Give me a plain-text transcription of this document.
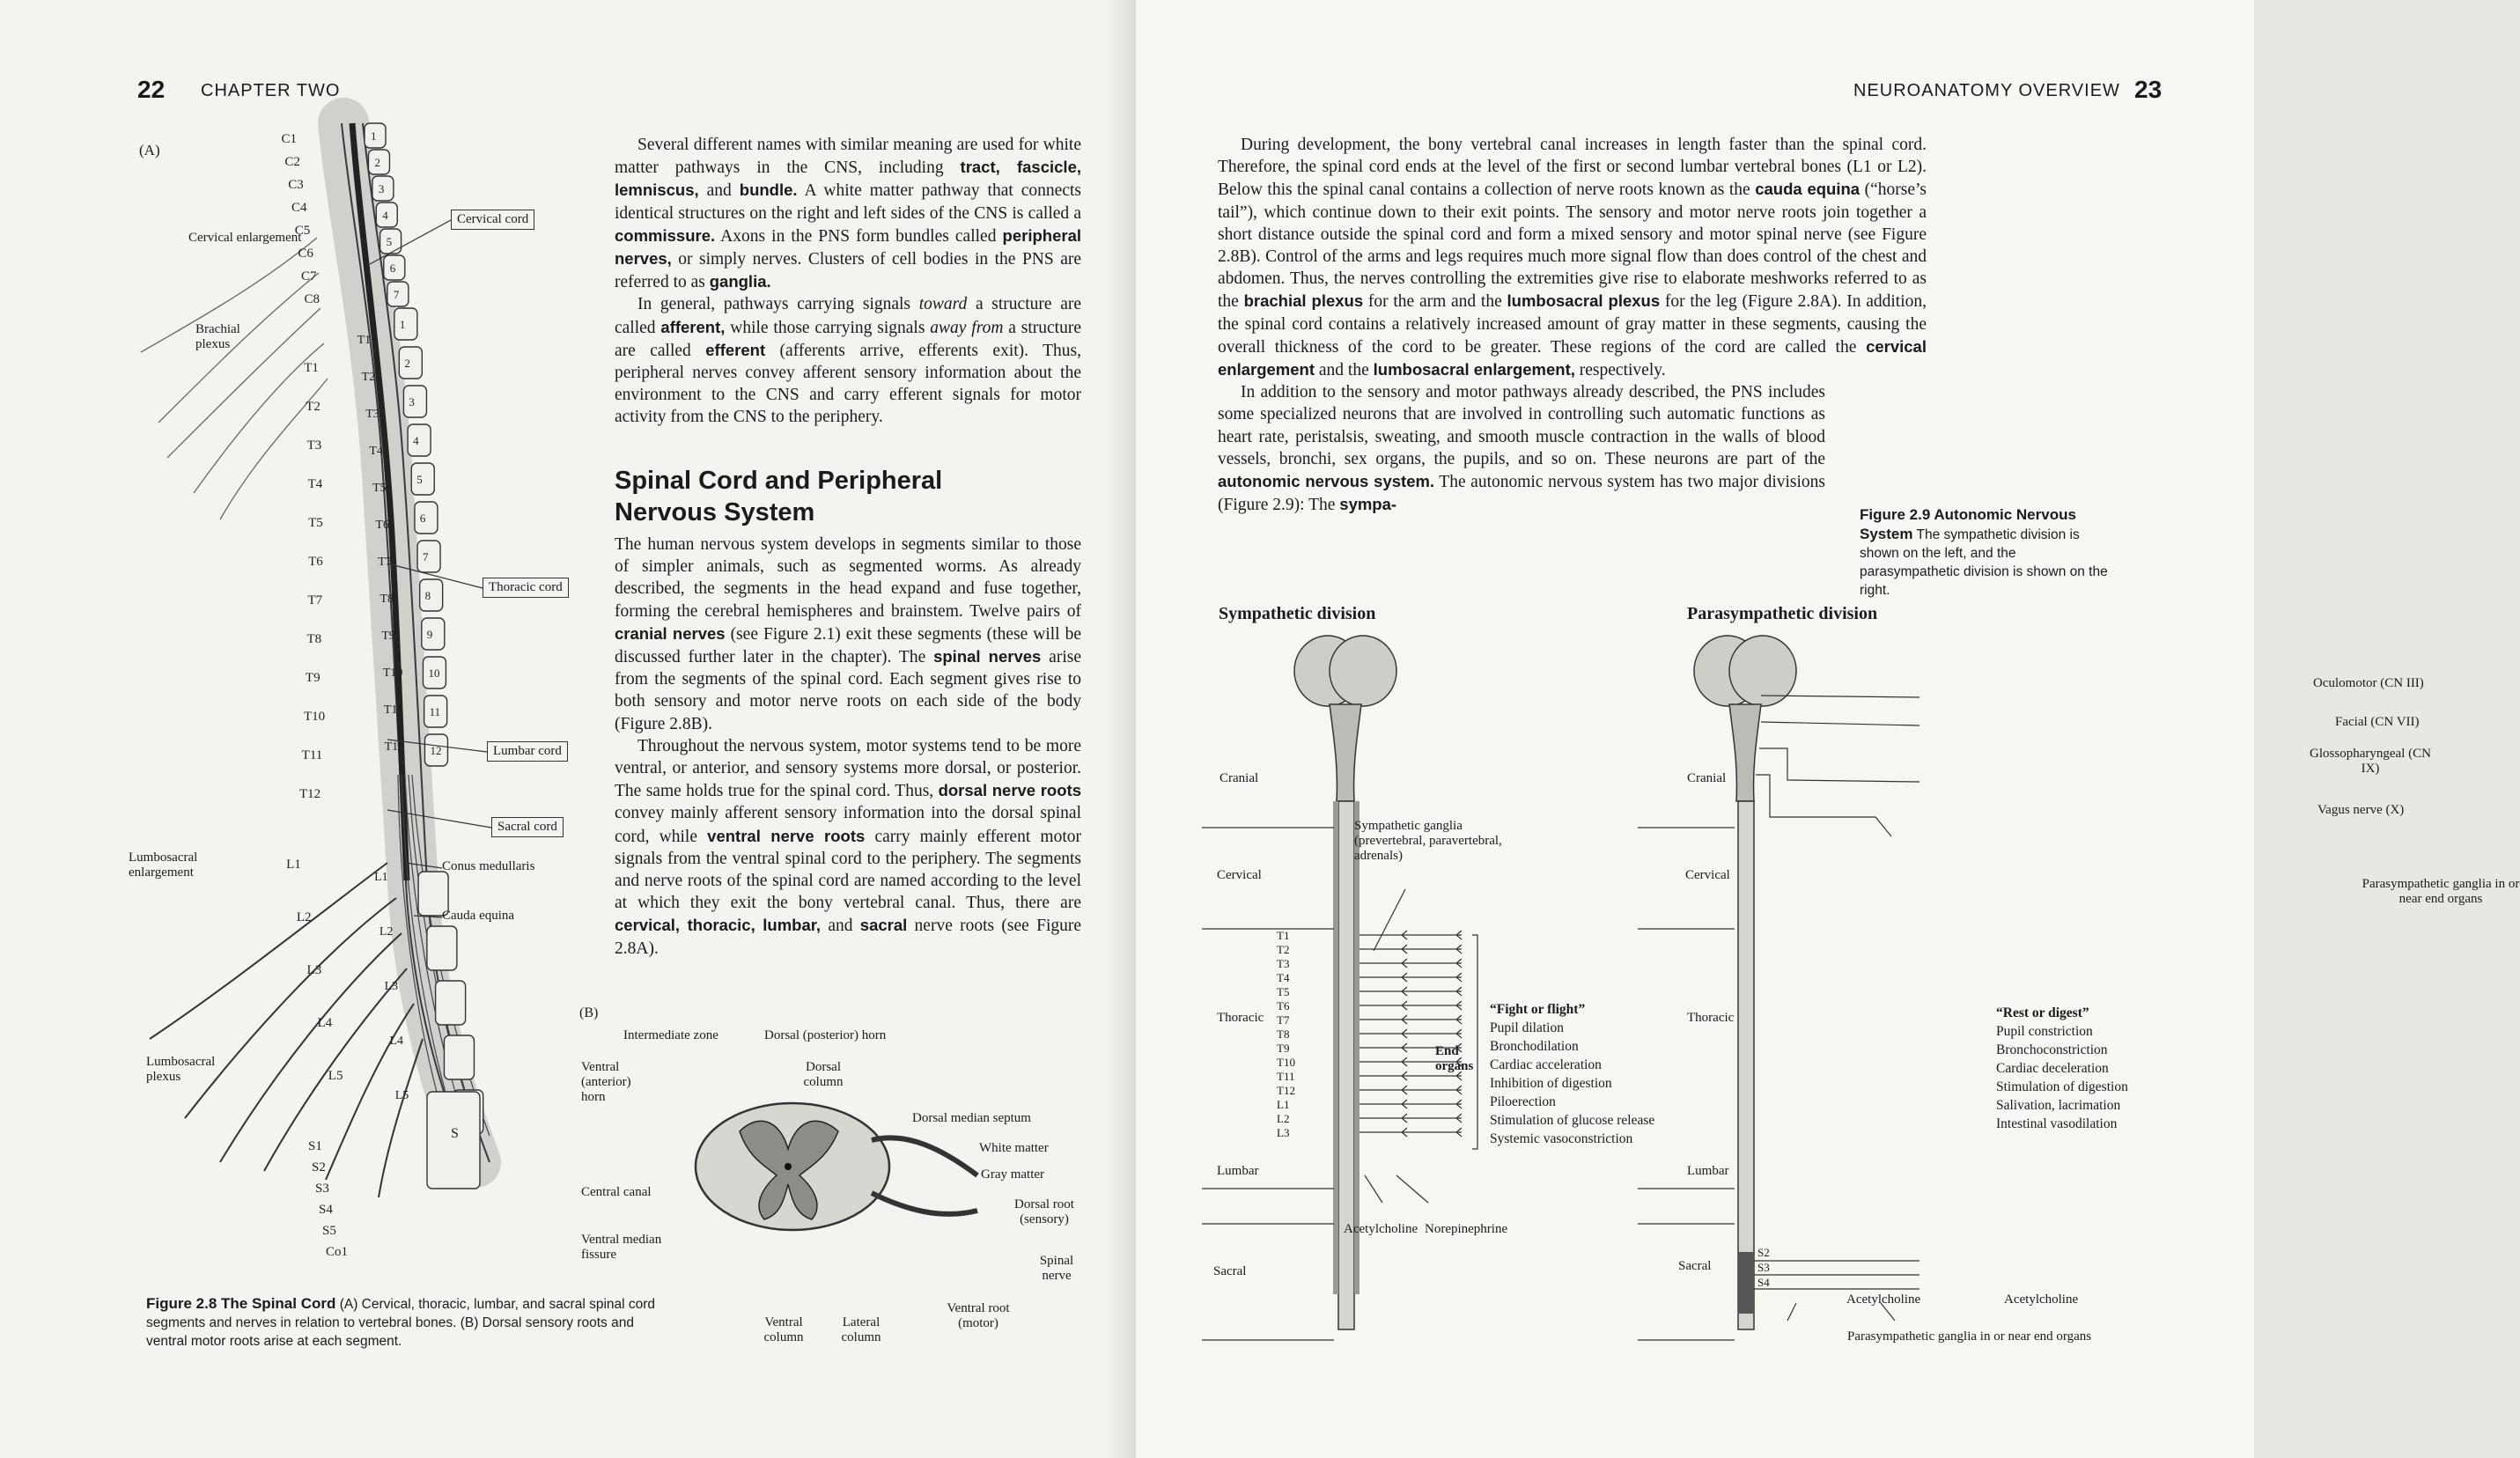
22 CHAPTER TWO
(A)
1
2
3
4
5
6
7
1
2
3
4
5
6
7
8
9
10
11
12
C1
C2
C3
C4
C5
C6
C7
C8
T1
T2
T3
T4
T5
T6
T7
T8
T9
T10
T11
T12
T1
T2
T3
T4
T5
T6
T7
T8
T9
T10
T11
T12
L1
L2
L3
L4
L5
L1
L2
L3
L4
L5
S1
S2
S3
S4
S5
Co1
S
Cervical enlargement
Brachial plexus
Lumbosacral enlargement
Lumbosacral plexus
Cervical cord
Thoracic cord
Lumbar cord
Sacral cord
Conus medullaris
Cauda equina
(B)
Intermediate zone	Dorsal (posterior) horn
Ventral (anterior) horn
Dorsal column
Dorsal median septum
White matter
Gray matter
Central canal
Dorsal root (sensory)
Ventral median fissure	Spinal nerve
Ventral root (motor)
Ventral column
Lateral column
Figure 2.8 The Spinal Cord (A) Cervical, thoracic, lumbar, and sacral spinal cord segments and nerves in relation to vertebral bones. (B) Dorsal sensory roots and ventral motor roots arise at each segment.

Several different names with similar meaning are used for white matter pathways in the CNS, including tract, fascicle, lemniscus, and bundle. A white matter pathway that connects identical structures on the right and left sides of the CNS is called a commissure. Axons in the PNS form bundles called peripheral nerves, or simply nerves. Clusters of cell bodies in the PNS are referred to as ganglia.

In general, pathways carrying signals toward a structure are called afferent, while those carrying signals away from a structure are called efferent (afferents arrive, efferents exit). Thus, peripheral nerves convey afferent sensory information about the environment to the CNS and carry efferent signals for motor activity from the CNS to the periphery.

Spinal Cord and Peripheral Nervous System

The human nervous system develops in segments similar to those of simpler animals, such as segmented worms. As already described, the segments in the head expand and fuse together, forming the cerebral hemispheres and brainstem. Twelve pairs of cranial nerves (see Figure 2.1) exit these segments (these will be discussed further later in the chapter). The spinal nerves arise from the segments of the spinal cord. Each segment gives rise to both sensory and motor nerve roots on each side of the body (Figure 2.8B).

Throughout the nervous system, motor systems tend to be more ventral, or anterior, and sensory systems more dorsal, or posterior. The same holds true for the spinal cord. Thus, dorsal nerve roots convey mainly afferent sensory information into the dorsal spinal cord, while ventral nerve roots carry mainly efferent motor signals from the ventral spinal cord to the periphery. The segments and nerve roots of the spinal cord are named according to the level at which they exit the bony vertebral canal. Thus, there are cervical, thoracic, lumbar, and sacral nerve roots (see Figure 2.8A).

NEUROANATOMY OVERVIEW 23

During development, the bony vertebral canal increases in length faster than the spinal cord. Therefore, the spinal cord ends at the level of the first or second lumbar vertebral bones (L1 or L2). Below this the spinal canal contains a collection of nerve roots known as the cauda equina (“horse’s tail”), which continue down to their exit points. The sensory and motor nerve roots join together a short distance outside the spinal cord and form a mixed sensory and motor spinal nerve (see Figure 2.8B). Control of the arms and legs requires much more signal flow than does control of the chest and abdomen. Thus, the nerves controlling the extremities give rise to elaborate meshworks referred to as the brachial plexus for the arm and the lumbosacral plexus for the leg (Figure 2.8A). In addition, the spinal cord contains a relatively increased amount of gray matter in these segments, causing the overall thickness of the cord to be greater. These regions of the cord are called the cervical enlargement and the lumbosacral enlargement, respectively.

In addition to the sensory and motor pathways already described, the PNS includes some specialized neurons that are involved in controlling such automatic functions as heart rate, peristalsis, sweating, and smooth muscle contraction in the walls of blood vessels, bronchi, sex organs, the pupils, and so on. These neurons are part of the autonomic nervous system. The autonomic nervous system has two major divisions (Figure 2.9): The sympa-

Figure 2.9 Autonomic Nervous System The sympathetic division is shown on the left, and the parasympathetic division is shown on the right.
Sympathetic division
Cranial
Cervical
Thoracic
Lumbar
Sacral
T1
T2
T3
T4
T5
T6
T7
T8
T9
T10
T11
T12
L1
L2
L3
Sympathetic ganglia (prevertebral, paravertebral, adrenals)
End organs
“Fight or flight”
Pupil dilation
Bronchodilation
Cardiac acceleration
Inhibition of digestion
Piloerection
Stimulation of glucose release
Systemic vasoconstriction
Acetylcholine Norepinephrine
Parasympathetic division
Oculomotor (CN III)
Facial (CN VII)
Glossopharyngeal (CN IX)
Vagus nerve (X)
Parasympathetic ganglia in or near end organs
Cranial
Cervical
Thoracic
Lumbar
Sacral
S2
S3
S4
“Rest or digest”
Pupil constriction
Bronchoconstriction
Cardiac deceleration
Stimulation of digestion
Salivation, lacrimation
Intestinal vasodilation
Acetylcholine	Acetylcholine
Parasympathetic ganglia in or near end organs
